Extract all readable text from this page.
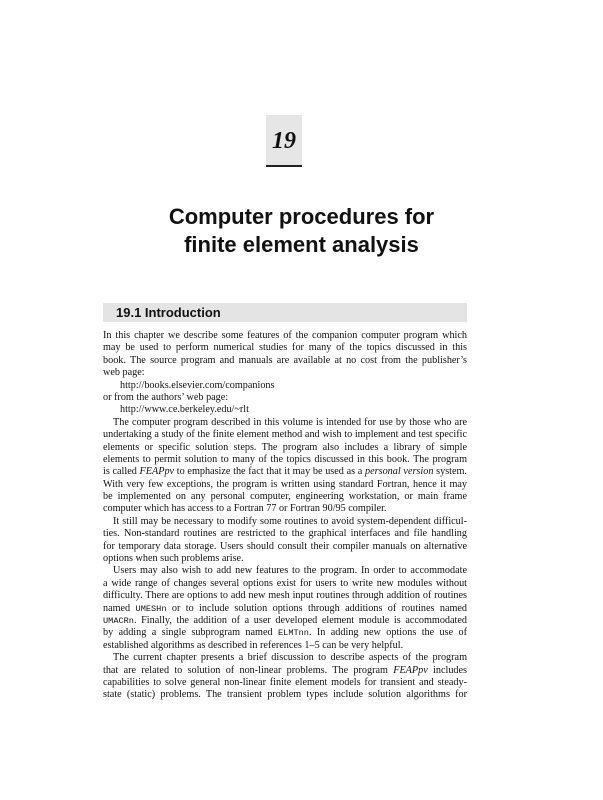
19
Computer procedures for
finite element analysis
19.1 Introduction
In this chapter we describe some features of the companion computer program which
may be used to perform numerical studies for many of the topics discussed in this
book. The source program and manuals are available at no cost from the publisher’s
web page:
http://books.elsevier.com/companions
or from the authors’ web page:
http://www.ce.berkeley.edu/~rlt
The computer program described in this volume is intended for use by those who are
undertaking a study of the finite element method and wish to implement and test specific
elements or specific solution steps. The program also includes a library of simple
elements to permit solution to many of the topics discussed in this book. The program
is called FEAPpv to emphasize the fact that it may be used as a personal version system.
With very few exceptions, the program is written using standard Fortran, hence it may
be implemented on any personal computer, engineering workstation, or main frame
computer which has access to a Fortran 77 or Fortran 90/95 compiler.
It still may be necessary to modify some routines to avoid system-dependent difficul-
ties. Non-standard routines are restricted to the graphical interfaces and file handling
for temporary data storage. Users should consult their compiler manuals on alternative
options when such problems arise.
Users may also wish to add new features to the program. In order to accommodate
a wide range of changes several options exist for users to write new modules without
difficulty. There are options to add new mesh input routines through addition of routines
named UMESHn or to include solution options through additions of routines named
UMACRn. Finally, the addition of a user developed element module is accommodated
by adding a single subprogram named ELMTnn. In adding new options the use of
established algorithms as described in references 1–5 can be very helpful.
The current chapter presents a brief discussion to describe aspects of the program
that are related to solution of non-linear problems. The program FEAPpv includes
capabilities to solve general non-linear finite element models for transient and steady-
state (static) problems. The transient problem types include solution algorithms for
